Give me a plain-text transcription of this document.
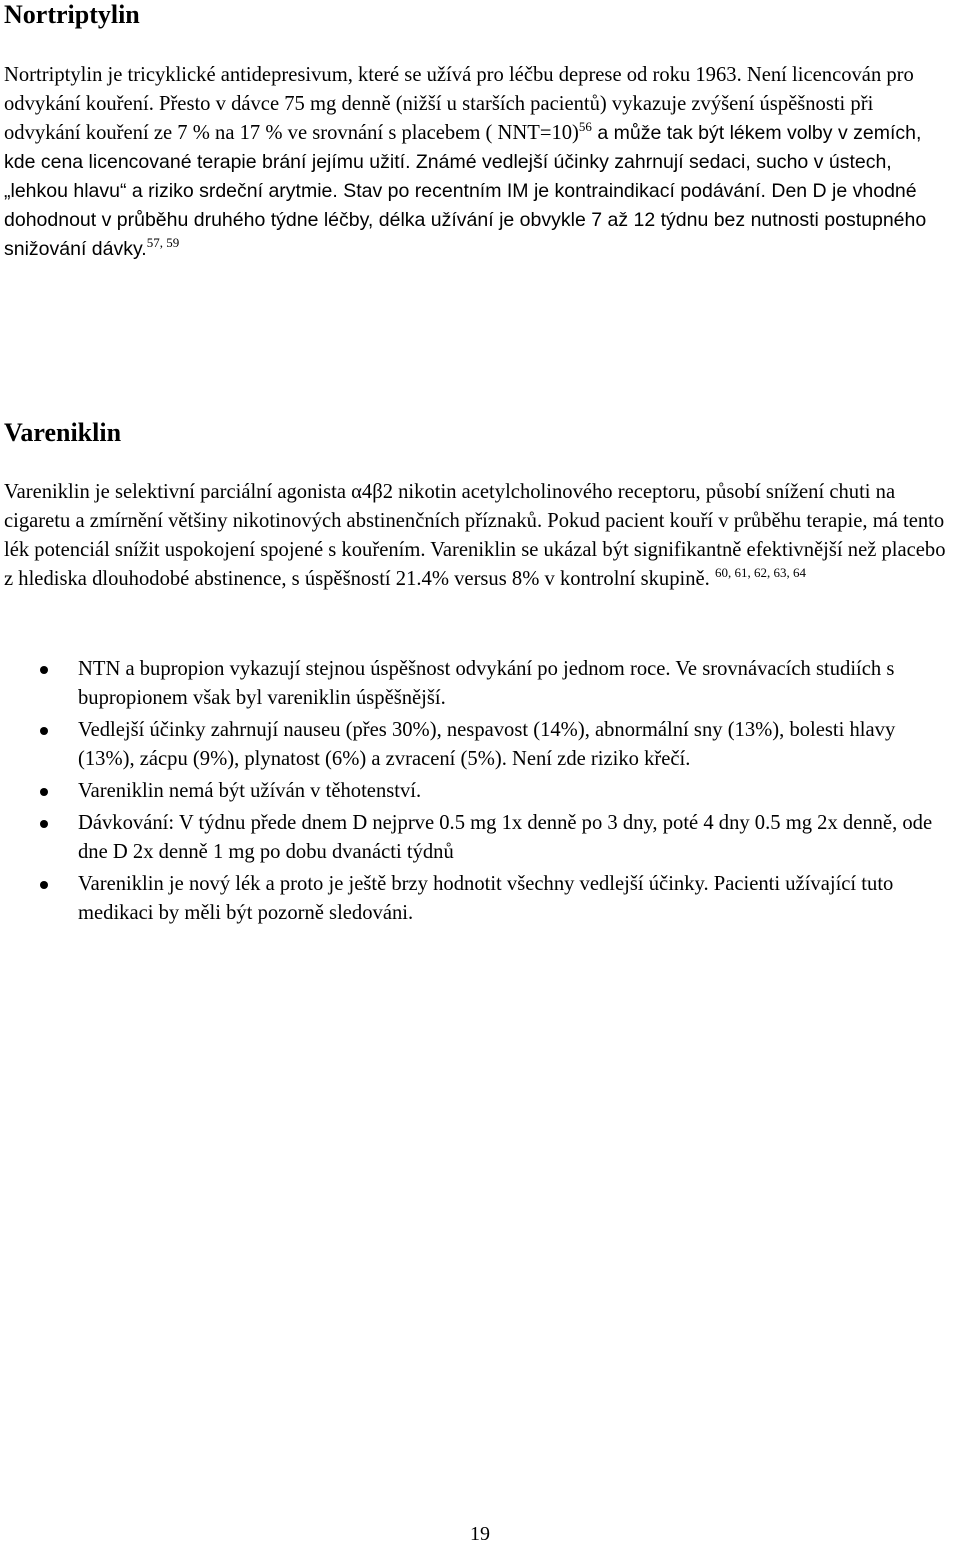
Nortriptylin

Nortriptylin je tricyklické antidepresivum, které se užívá pro léčbu deprese od roku 1963. Není licencován pro odvykání kouření. Přesto v dávce 75 mg denně (nižší u starších pacientů) vykazuje zvýšení úspěšnosti při odvykání kouření ze 7 % na 17 % ve srovnání s placebem ( NNT=10)$^{56}$ a může tak být lékem volby v zemích, kde cena licencované terapie brání jejímu užití. Známé vedlejší účinky zahrnují sedaci, sucho v ústech, „lehkou hlavu“ a riziko srdeční arytmie. Stav po recentním IM je kontraindikací podávání. Den D je vhodné dohodnout v průběhu druhého týdne léčby, délka užívání je obvykle 7 až 12 týdnu bez nutnosti postupného snižování dávky.$^{57, 59}$

Vareniklin

Vareniklin je selektivní parciální agonista α4β2 nikotin acetylcholinového receptoru, působí snížení chuti na cigaretu a zmírnění většiny nikotinových abstinenčních příznaků. Pokud pacient kouří v průběhu terapie, má tento lék potenciál snížit uspokojení spojené s kouřením. Vareniklin se ukázal být signifikantně efektivnější než placebo z hlediska dlouhodobé abstinence, s úspěšností 21.4% versus 8% v kontrolní skupině. $^{60, 61, 62, 63, 64}$

NTN a bupropion vykazují stejnou úspěšnost odvykání po jednom roce. Ve srovnávacích studiích s bupropionem však byl vareniklin úspěšnější.
Vedlejší účinky zahrnují nauseu (přes 30%), nespavost (14%), abnormální sny (13%), bolesti hlavy (13%), zácpu (9%), plynatost (6%) a zvracení (5%). Není zde riziko křečí.
Vareniklin nemá být užíván v těhotenství.
Dávkování: V týdnu přede dnem D nejprve 0.5 mg 1x denně po 3 dny, poté 4 dny 0.5 mg 2x denně, ode dne D 2x denně 1 mg po dobu dvanácti týdnů
Vareniklin je nový lék a proto je ještě brzy hodnotit všechny vedlejší účinky. Pacienti užívající tuto medikaci by měli být pozorně sledováni.
19
